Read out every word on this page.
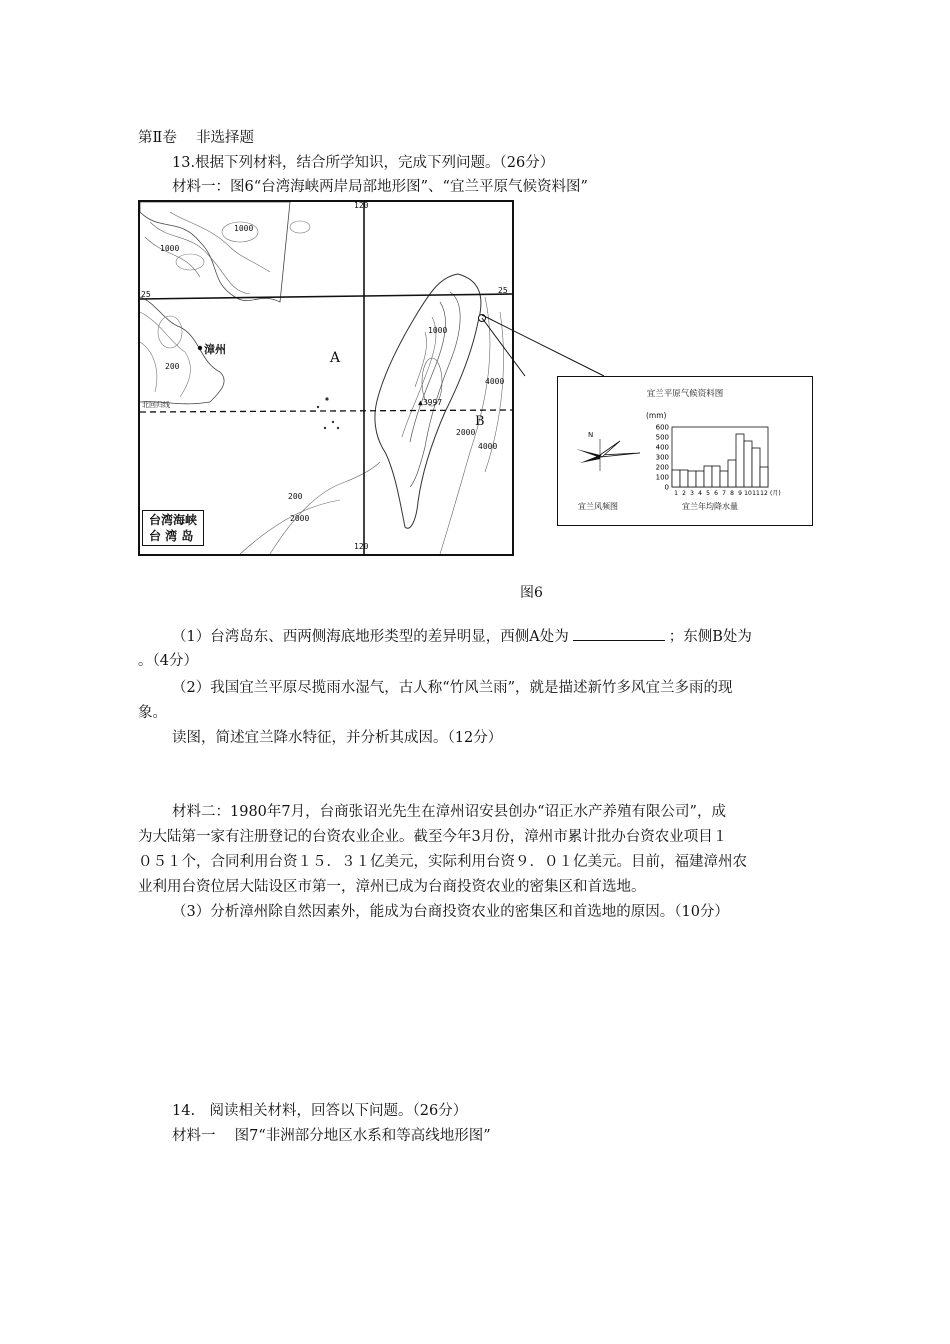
第Ⅱ卷　 非选择题
13.根据下列材料，结合所学知识，完成下列问题。（26分）
材料一：图6“台湾海峡两岸局部地形图”、“宜兰平原气候资料图”
120
120
25	25
A
B
漳州
北回归线	▲3997
1000
1000
200
200
2000
4000
2000
4000
1000
台湾海峡
台 湾 岛
宜兰平原气候资料图
N
宜兰风频图
(mm)
600
500
400
300
200
100
0
1 2 3 4 5 6 7 8 9 10 11 12 (月)
宜兰年均降水量
图6
（1）台湾岛东、西两侧海底地形类型的差异明显，西侧A处为	；东侧B处为
。（4分）
（2）我国宜兰平原尽揽雨水湿气，古人称“竹风兰雨”，就是描述新竹多风宜兰多雨的现
象。
读图，简述宜兰降水特征，并分析其成因。（12分）
材料二：1980年7月，台商张诏光先生在漳州诏安县创办“诏正水产养殖有限公司”，成
为大陆第一家有注册登记的台资农业企业。截至今年3月份，漳州市累计批办台资农业项目１
０５１个，合同利用台资１５．３１亿美元，实际利用台资９．０１亿美元。目前，福建漳州农
业利用台资位居大陆设区市第一，漳州已成为台商投资农业的密集区和首选地。
（3）分析漳州除自然因素外，能成为台商投资农业的密集区和首选地的原因。（10分）
14.　阅读相关材料，回答以下问题。（26分）
材料一　 图7“非洲部分地区水系和等高线地形图”
